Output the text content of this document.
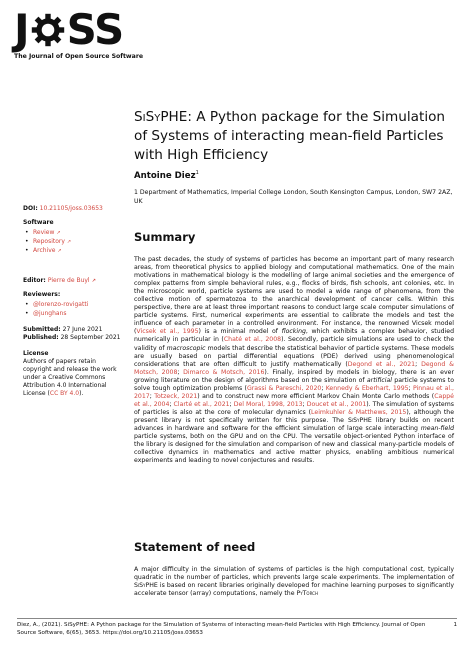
J SS
The Journal of Open Source Software
SiSyPHE: A Python package for the Simulation of Systems of interacting mean-field Particles with High Efficiency
Antoine Diez$^1$
1 Department of Mathematics, Imperial College London, South Kensington Campus, London, SW7 2AZ, UK
DOI: 10.21105/joss.03653
Software
• Review ↗
• Repository ↗
• Archive ↗
Editor: Pierre de Buyl ↗
Reviewers:
• @lorenzo-rovigatti
• @junghans
Submitted: 27 June 2021
Published: 28 September 2021
License
Authors of papers retain copyright and release the work under a Creative Commons Attribution 4.0 International License (CC BY 4.0).
Summary
The past decades, the study of systems of particles has become an important part of many research areas, from theoretical physics to applied biology and computational mathematics. One of the main motivations in mathematical biology is the modelling of large animal societies and the emergence of complex patterns from simple behavioral rules, e.g., flocks of birds, fish schools, ant colonies, etc. In the microscopic world, particle systems are used to model a wide range of phenomena, from the collective motion of spermatozoa to the anarchical development of cancer cells. Within this perspective, there are at least three important reasons to conduct large scale computer simulations of particle systems. First, numerical experiments are essential to calibrate the models and test the influence of each parameter in a controlled environment. For instance, the renowned Vicsek model (Vicsek et al., 1995) is a minimal model of flocking, which exhibits a complex behavior, studied numerically in particular in (Chaté et al., 2008). Secondly, particle simulations are used to check the validity of macroscopic models that describe the statistical behavior of particle systems. These models are usually based on partial differential equations (PDE) derived using phenomenological considerations that are often difficult to justify mathematically (Degond et al., 2021; Degond & Motsch, 2008; Dimarco & Motsch, 2016). Finally, inspired by models in biology, there is an ever growing literature on the design of algorithms based on the simulation of artificial particle systems to solve tough optimization problems (Grassi & Pareschi, 2020; Kennedy & Eberhart, 1995; Pinnau et al., 2017; Totzeck, 2021) and to construct new more efficient Markov Chain Monte Carlo methods (Cappé et al., 2004; Clarté et al., 2021; Del Moral, 1998, 2013; Doucet et al., 2001). The simulation of systems of particles is also at the core of molecular dynamics (Leimkuhler & Matthews, 2015), although the present library is not specifically written for this purpose. The SiSyPHE library builds on recent advances in hardware and software for the efficient simulation of large scale interacting mean-field particle systems, both on the GPU and on the CPU. The versatile object-oriented Python interface of the library is designed for the simulation and comparison of new and classical many-particle models of collective dynamics in mathematics and active matter physics, enabling ambitious numerical experiments and leading to novel conjectures and results.
Statement of need
A major difficulty in the simulation of systems of particles is the high computational cost, typically quadratic in the number of particles, which prevents large scale experiments. The implementation of SiSyPHE is based on recent libraries originally developed for machine learning purposes to significantly accelerate tensor (array) computations, namely the PyTorch
Diez, A., (2021). SiSyPHE: A Python package for the Simulation of Systems of interacting mean-field Particles with High Efficiency. Journal of Open Source Software, 6(65), 3653. https://doi.org/10.21105/joss.03653
1
